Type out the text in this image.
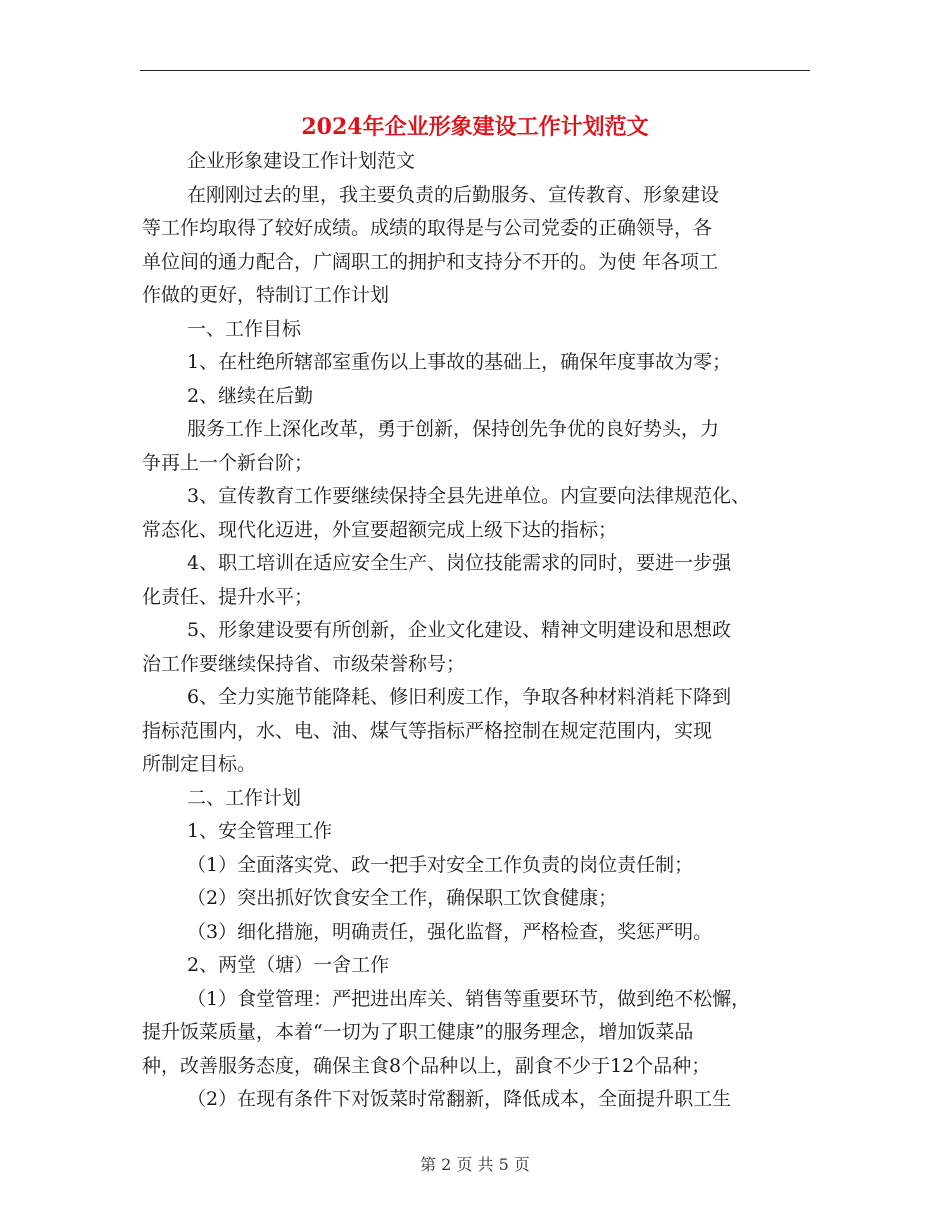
2024年企业形象建设工作计划范文
企业形象建设工作计划范文
在刚刚过去的里，我主要负责的后勤服务、宣传教育、形象建设
等工作均取得了较好成绩。成绩的取得是与公司党委的正确领导，各
单位间的通力配合，广阔职工的拥护和支持分不开的。为使 年各项工
作做的更好，特制订工作计划
一、工作目标
1、在杜绝所辖部室重伤以上事故的基础上，确保年度事故为零；
2、继续在后勤
服务工作上深化改革，勇于创新，保持创先争优的良好势头，力
争再上一个新台阶；
3、宣传教育工作要继续保持全县先进单位。内宣要向法律规范化、
常态化、现代化迈进，外宣要超额完成上级下达的指标；
4、职工培训在适应安全生产、岗位技能需求的同时，要进一步强
化责任、提升水平；
5、形象建设要有所创新，企业文化建设、精神文明建设和思想政
治工作要继续保持省、市级荣誉称号；
6、全力实施节能降耗、修旧利废工作，争取各种材料消耗下降到
指标范围内，水、电、油、煤气等指标严格控制在规定范围内，实现
所制定目标。
二、工作计划
1、安全管理工作
（1）全面落实党、政一把手对安全工作负责的岗位责任制；
（2）突出抓好饮食安全工作，确保职工饮食健康；
（3）细化措施，明确责任，强化监督，严格检查，奖惩严明。
2、两堂（塘）一舍工作
（1）食堂管理：严把进出库关、销售等重要环节，做到绝不松懈，
提升饭菜质量，本着“一切为了职工健康”的服务理念，增加饭菜品
种，改善服务态度，确保主食8个品种以上，副食不少于12个品种；
（2）在现有条件下对饭菜时常翻新，降低成本，全面提升职工生
第 2 页 共 5 页
